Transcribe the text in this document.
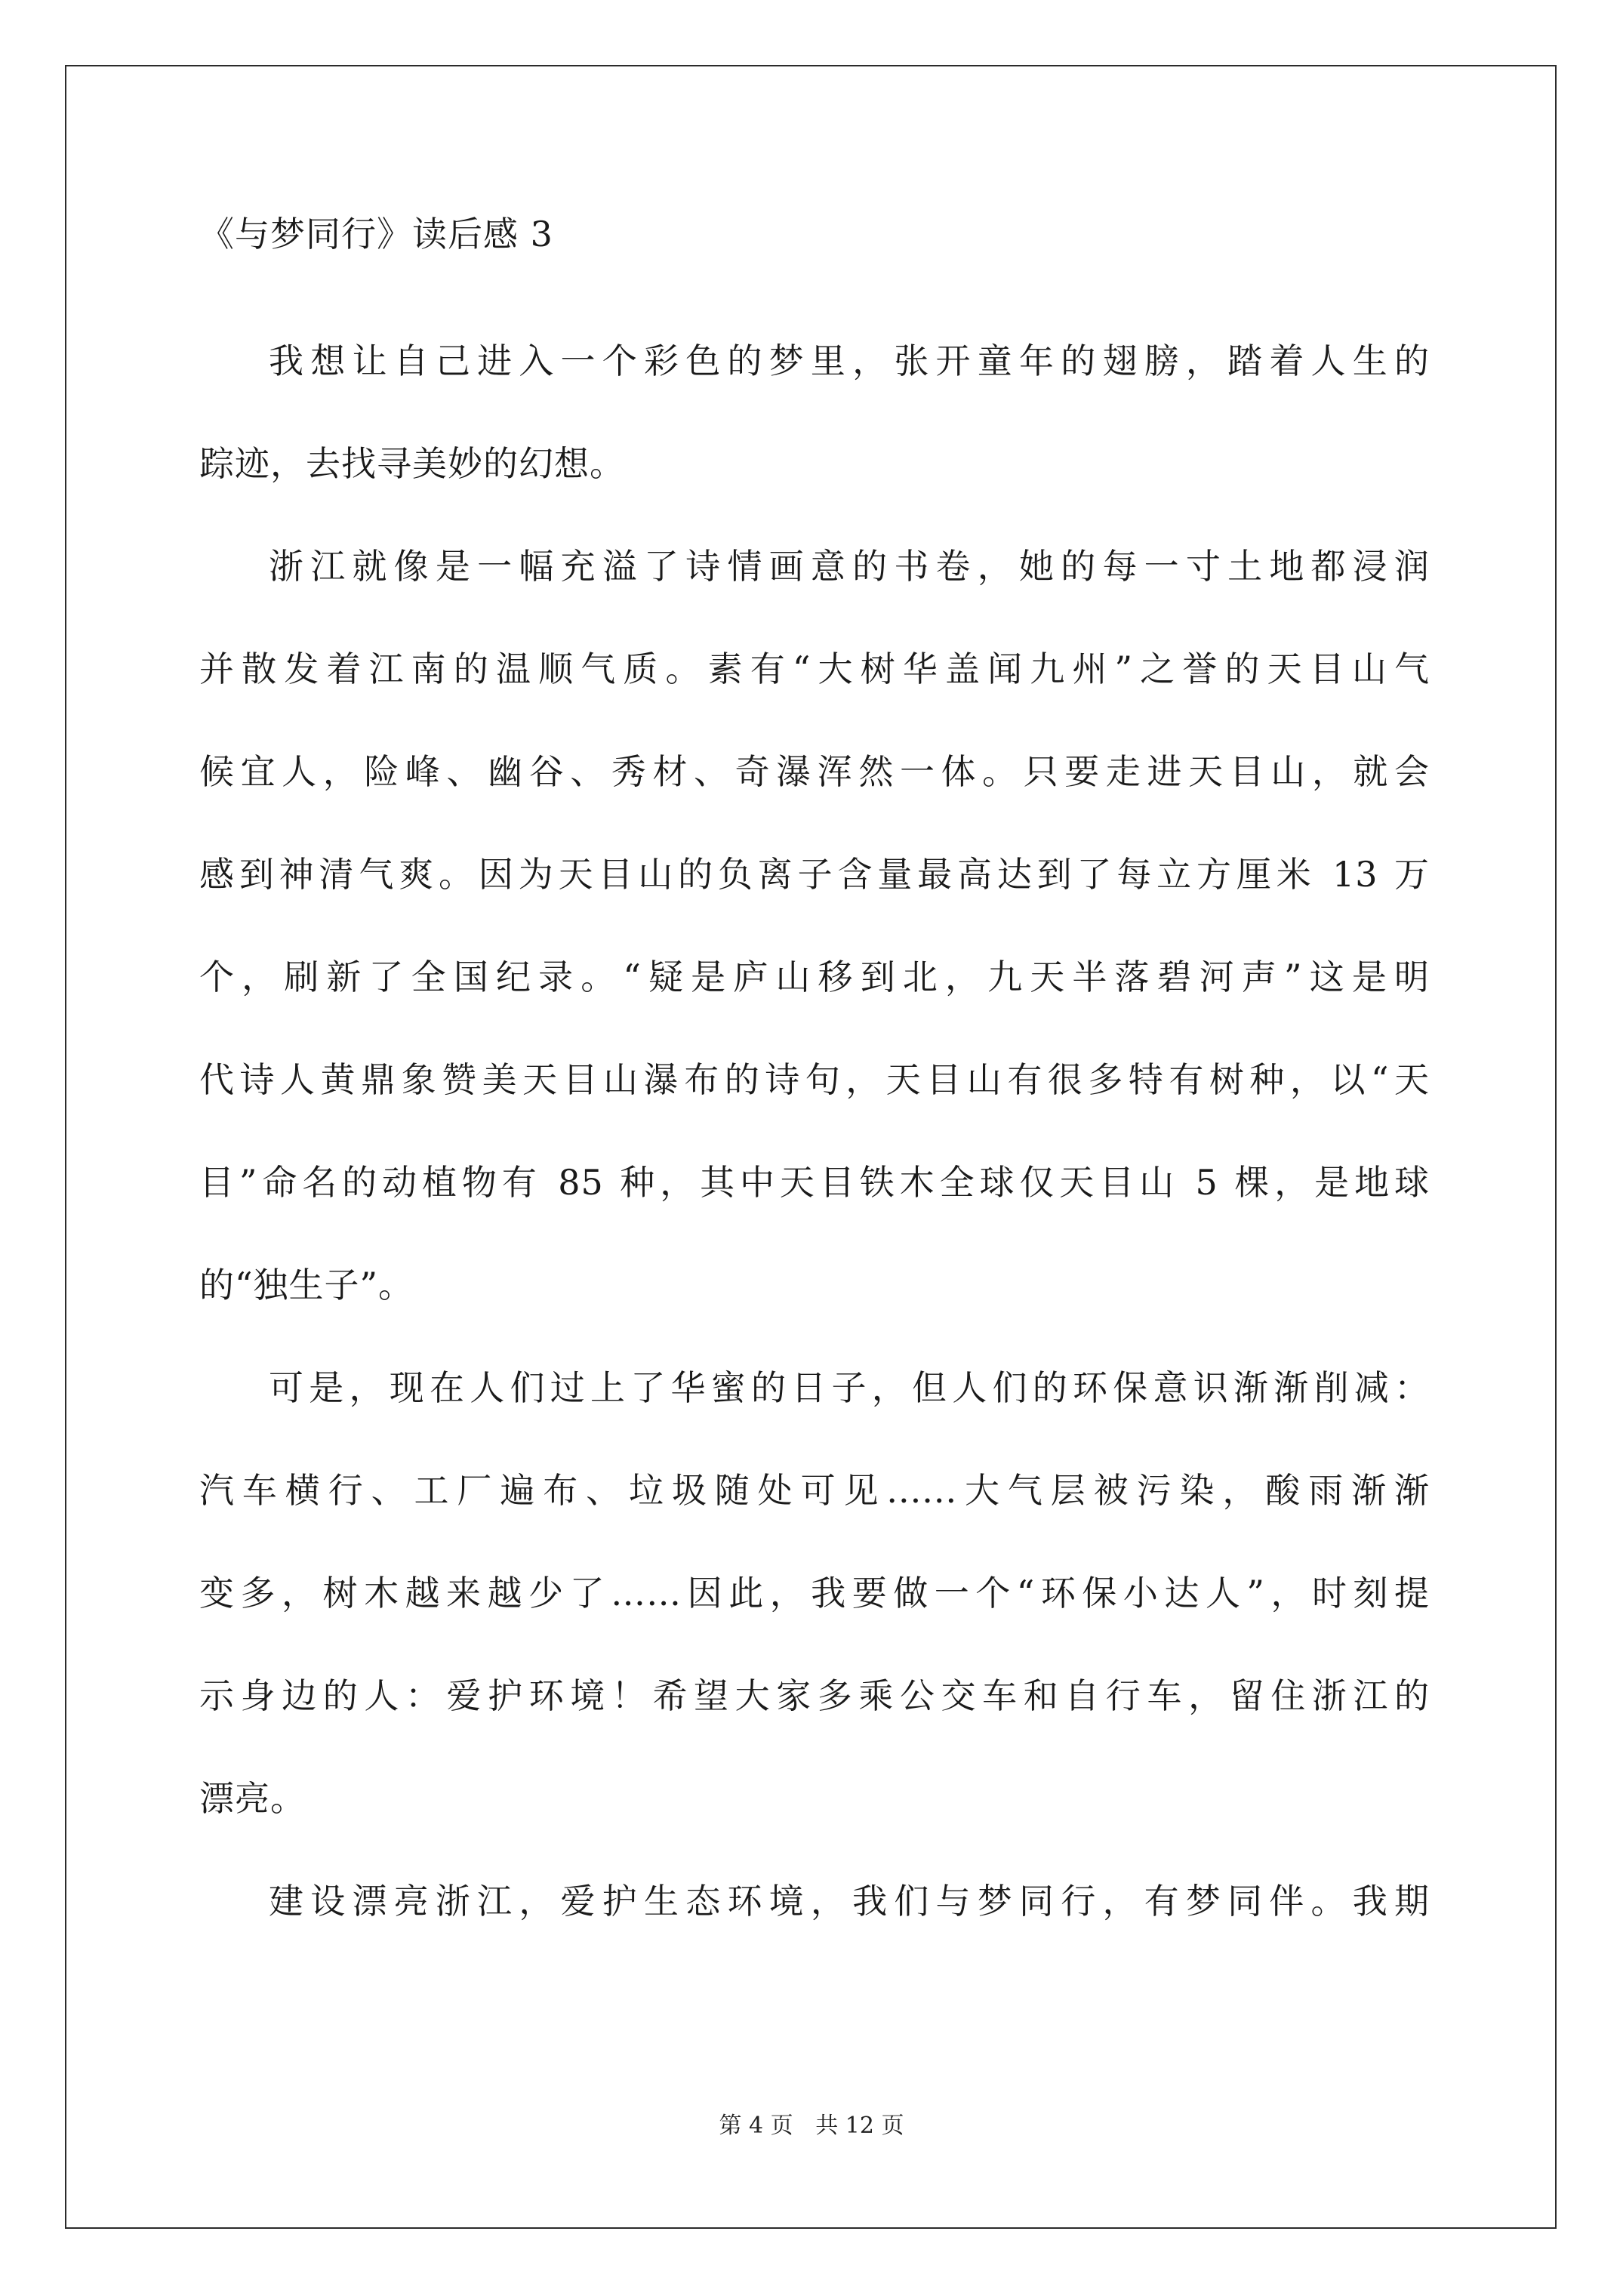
《与梦同行》读后感 3
我想让自己进入一个彩色的梦里，张开童年的翅膀，踏着人生的
踪迹，去找寻美妙的幻想。
浙江就像是一幅充溢了诗情画意的书卷，她的每一寸土地都浸润
并散发着江南的温顺气质。素有“大树华盖闻九州”之誉的天目山气
候宜人，险峰、幽谷、秀材、奇瀑浑然一体。只要走进天目山，就会
感到神清气爽。因为天目山的负离子含量最高达到了每立方厘米 13 万
个，刷新了全国纪录。“疑是庐山移到北，九天半落碧河声”这是明
代诗人黄鼎象赞美天目山瀑布的诗句，天目山有很多特有树种，以“天
目”命名的动植物有 85 种，其中天目铁木全球仅天目山 5 棵，是地球
的“独生子”。
可是，现在人们过上了华蜜的日子，但人们的环保意识渐渐削减：
汽车横行、工厂遍布、垃圾随处可见......大气层被污染，酸雨渐渐
变多，树木越来越少了……因此，我要做一个“环保小达人”，时刻提
示身边的人：爱护环境！希望大家多乘公交车和自行车，留住浙江的
漂亮。
建设漂亮浙江，爱护生态环境，我们与梦同行，有梦同伴。我期
第 4 页 共 12 页
